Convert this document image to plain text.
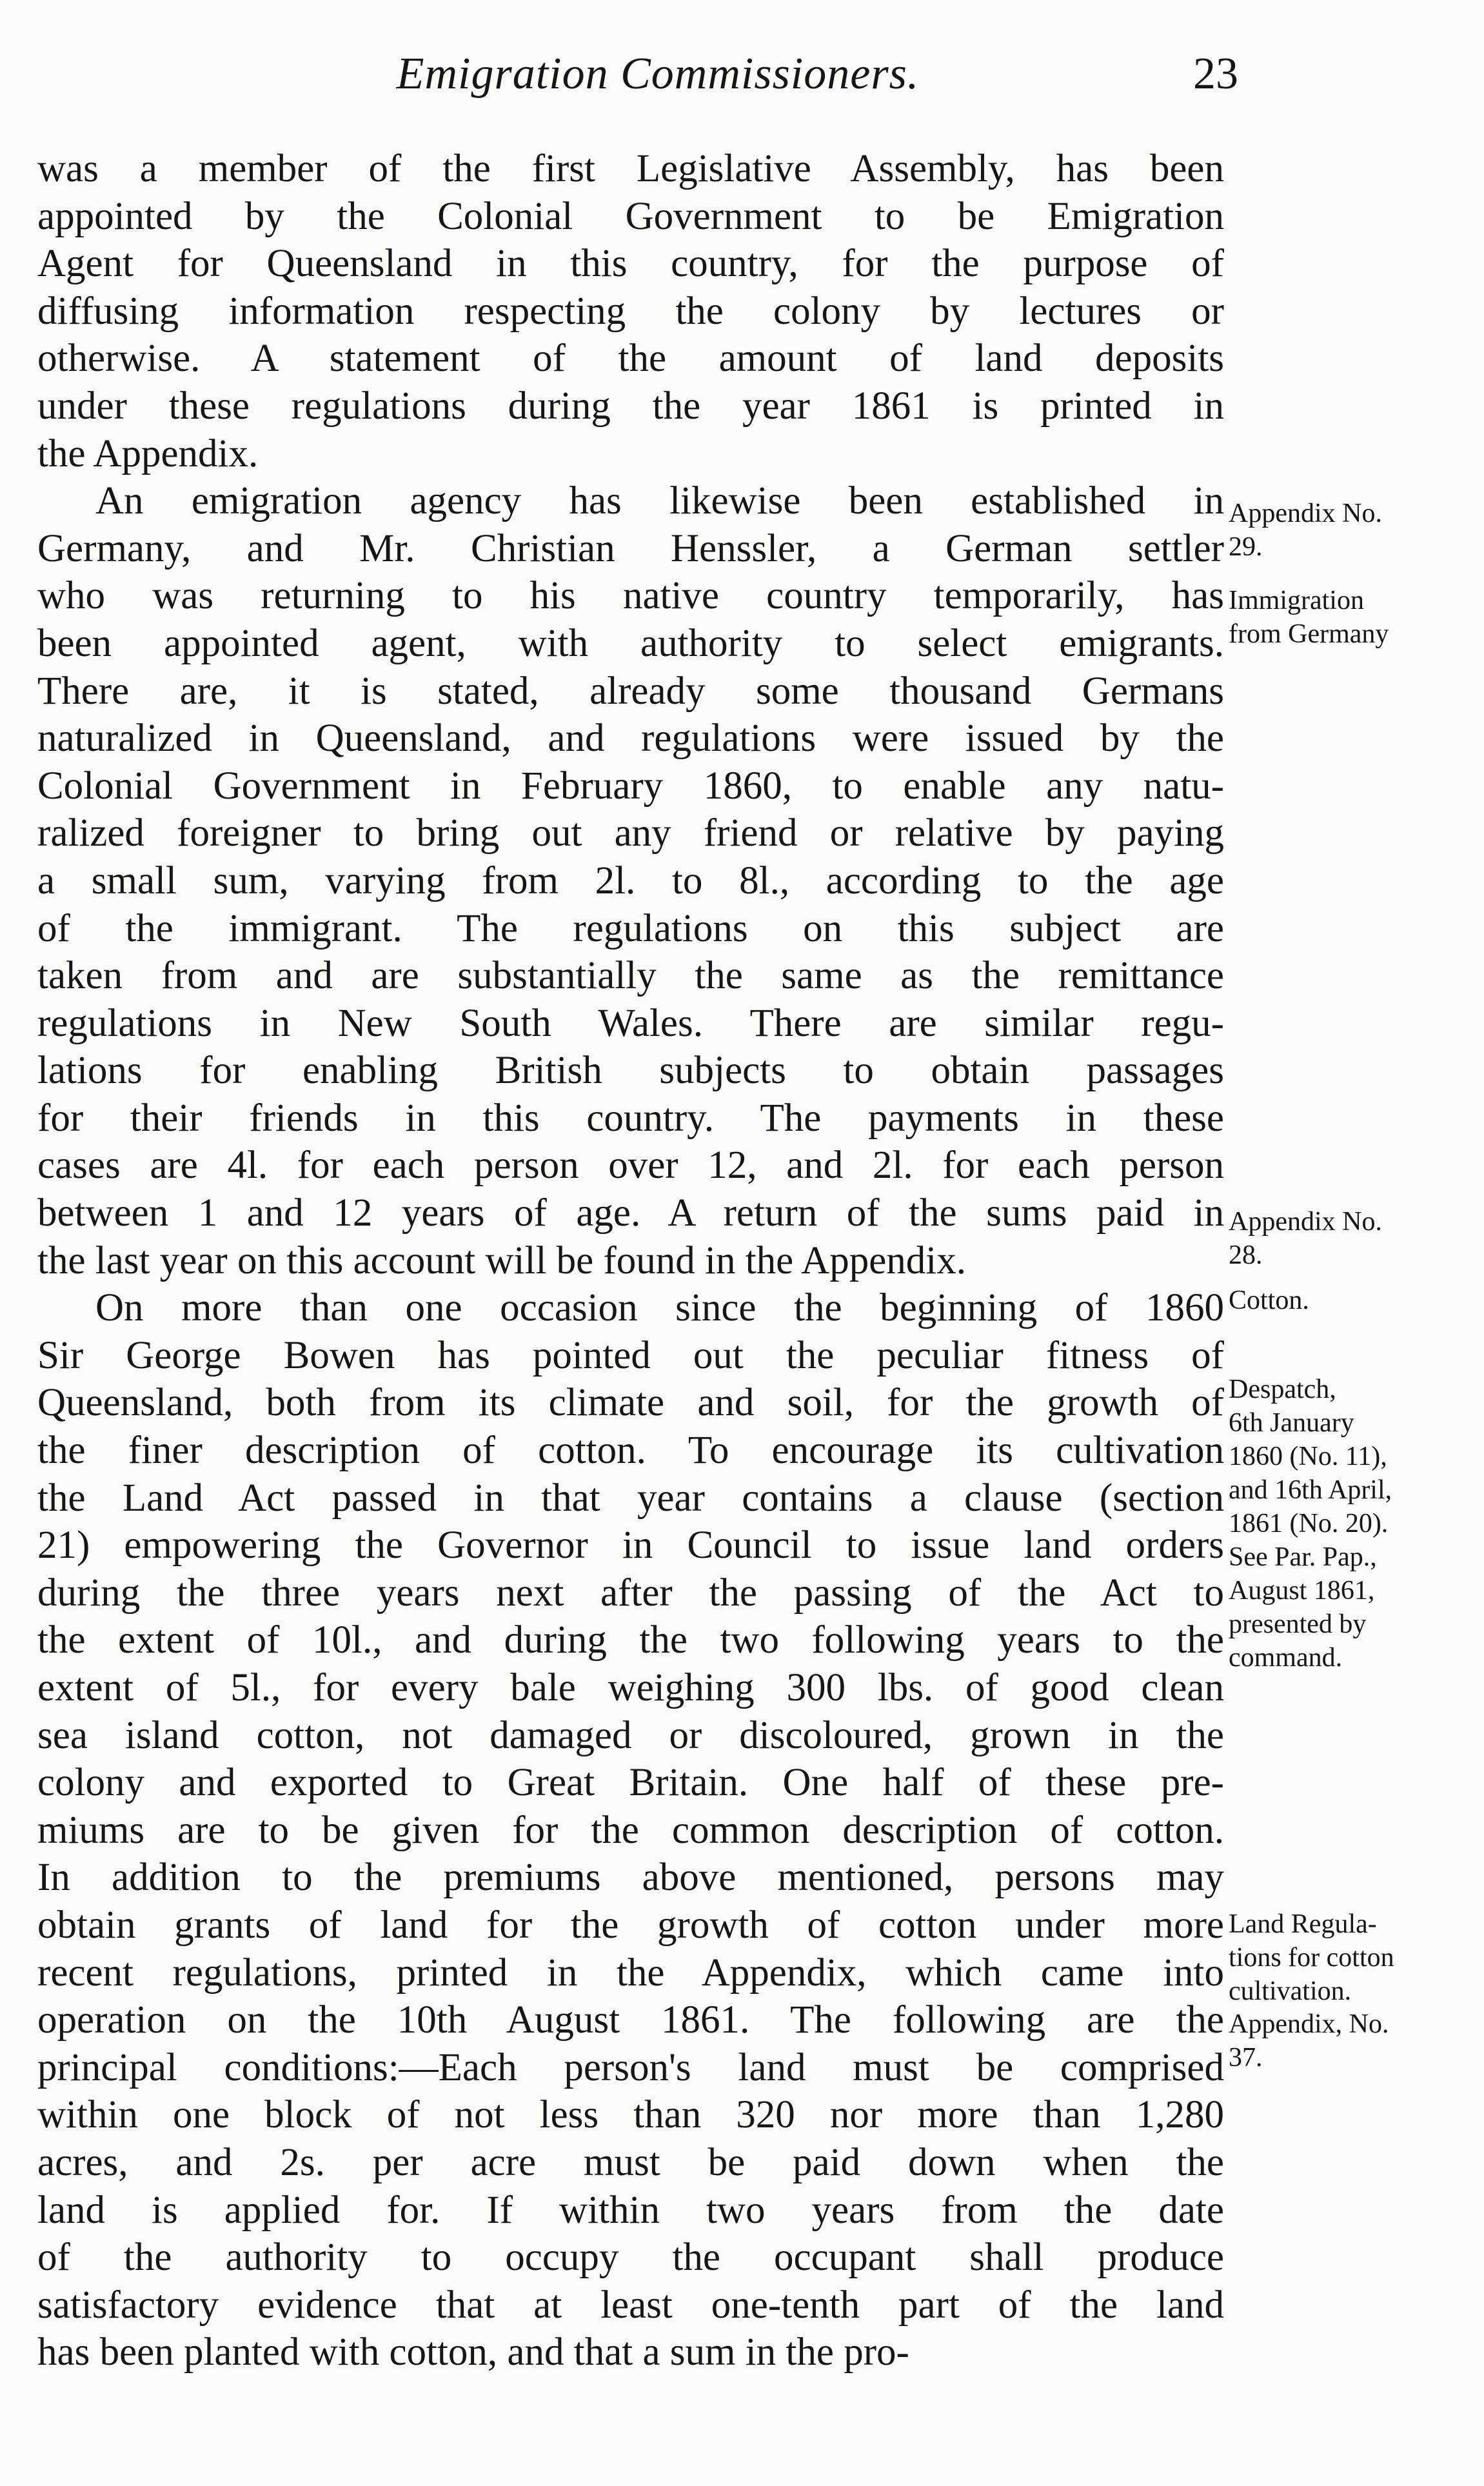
Emigration Commissioners.	23
was a member of the first Legislative Assembly, has been
appointed by the Colonial Government to be Emigration
Agent for Queensland in this country, for the purpose of
diffusing information respecting the colony by lectures or
otherwise. A statement of the amount of land deposits
under these regulations during the year 1861 is printed in
the Appendix.
An emigration agency has likewise been established in
Germany, and Mr. Christian Henssler, a German settler
who was returning to his native country temporarily, has
been appointed agent, with authority to select emigrants.
There are, it is stated, already some thousand Germans
naturalized in Queensland, and regulations were issued by the
Colonial Government in February 1860, to enable any natu-
ralized foreigner to bring out any friend or relative by paying
a small sum, varying from 2l. to 8l., according to the age
of the immigrant. The regulations on this subject are
taken from and are substantially the same as the remittance
regulations in New South Wales. There are similar regu-
lations for enabling British subjects to obtain passages
for their friends in this country. The payments in these
cases are 4l. for each person over 12, and 2l. for each person
between 1 and 12 years of age. A return of the sums paid in
the last year on this account will be found in the Appendix.
On more than one occasion since the beginning of 1860
Sir George Bowen has pointed out the peculiar fitness of
Queensland, both from its climate and soil, for the growth of
the finer description of cotton. To encourage its cultivation
the Land Act passed in that year contains a clause (section
21) empowering the Governor in Council to issue land orders
during the three years next after the passing of the Act to
the extent of 10l., and during the two following years to the
extent of 5l., for every bale weighing 300 lbs. of good clean
sea island cotton, not damaged or discoloured, grown in the
colony and exported to Great Britain. One half of these pre-
miums are to be given for the common description of cotton.
In addition to the premiums above mentioned, persons may
obtain grants of land for the growth of cotton under more
recent regulations, printed in the Appendix, which came into
operation on the 10th August 1861. The following are the
principal conditions:—Each person's land must be comprised
within one block of not less than 320 nor more than 1,280
acres, and 2s. per acre must be paid down when the
land is applied for. If within two years from the date
of the authority to occupy the occupant shall produce
satisfactory evidence that at least one-tenth part of the land
has been planted with cotton, and that a sum in the pro-
Appendix No.
29.
Immigration
from Germany
Appendix No.
28.
Cotton.
Despatch,
6th January
1860 (No. 11),
and 16th April,
1861 (No. 20).
See Par. Pap.,
August 1861,
presented by
command.
Land Regula-
tions for cotton
cultivation.
Appendix, No.
37.
